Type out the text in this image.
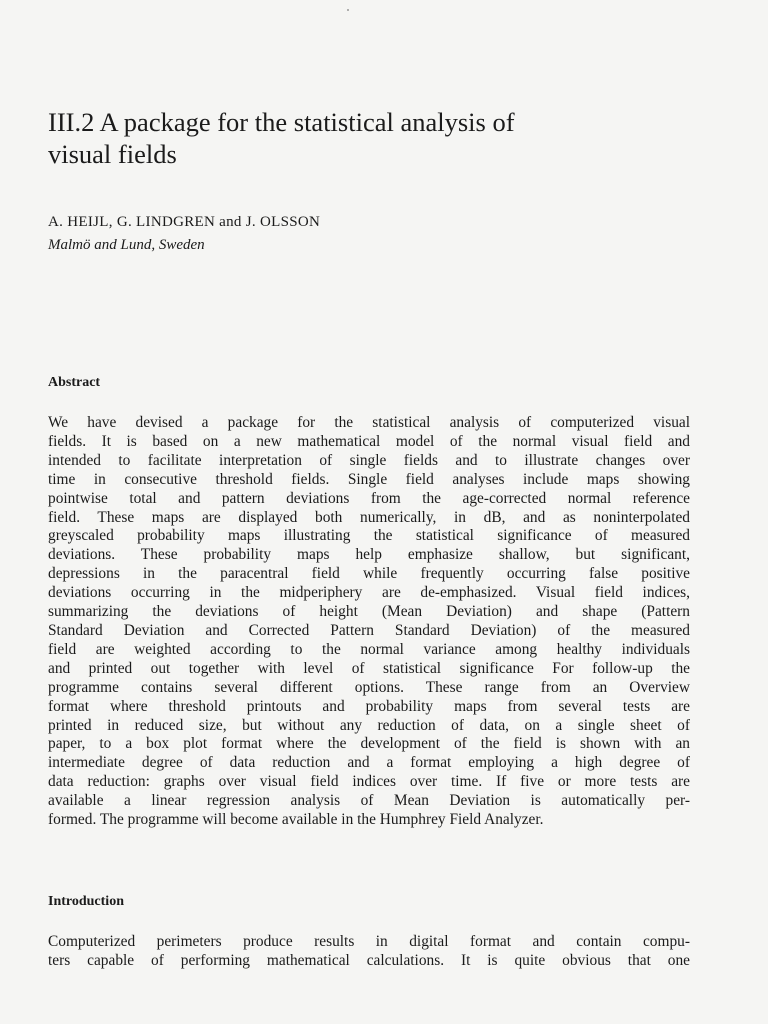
III.2 A package for the statistical analysis of
visual fields
A. HEIJL, G. LINDGREN and J. OLSSON
Malmö and Lund, Sweden
Abstract
We have devised a package for the statistical analysis of computerized visual
fields. It is based on a new mathematical model of the normal visual field and
intended to facilitate interpretation of single fields and to illustrate changes over
time in consecutive threshold fields. Single field analyses include maps showing
pointwise total and pattern deviations from the age-corrected normal reference
field. These maps are displayed both numerically, in dB, and as noninterpolated
greyscaled probability maps illustrating the statistical significance of measured
deviations. These probability maps help emphasize shallow, but significant,
depressions in the paracentral field while frequently occurring false positive
deviations occurring in the midperiphery are de-emphasized. Visual field indices,
summarizing the deviations of height (Mean Deviation) and shape (Pattern
Standard Deviation and Corrected Pattern Standard Deviation) of the measured
field are weighted according to the normal variance among healthy individuals
and printed out together with level of statistical significance For follow-up the
programme contains several different options. These range from an Overview
format where threshold printouts and probability maps from several tests are
printed in reduced size, but without any reduction of data, on a single sheet of
paper, to a box plot format where the development of the field is shown with an
intermediate degree of data reduction and a format employing a high degree of
data reduction: graphs over visual field indices over time. If five or more tests are
available a linear regression analysis of Mean Deviation is automatically per-
formed. The programme will become available in the Humphrey Field Analyzer.
Introduction
Computerized perimeters produce results in digital format and contain compu-
ters capable of performing mathematical calculations. It is quite obvious that one
